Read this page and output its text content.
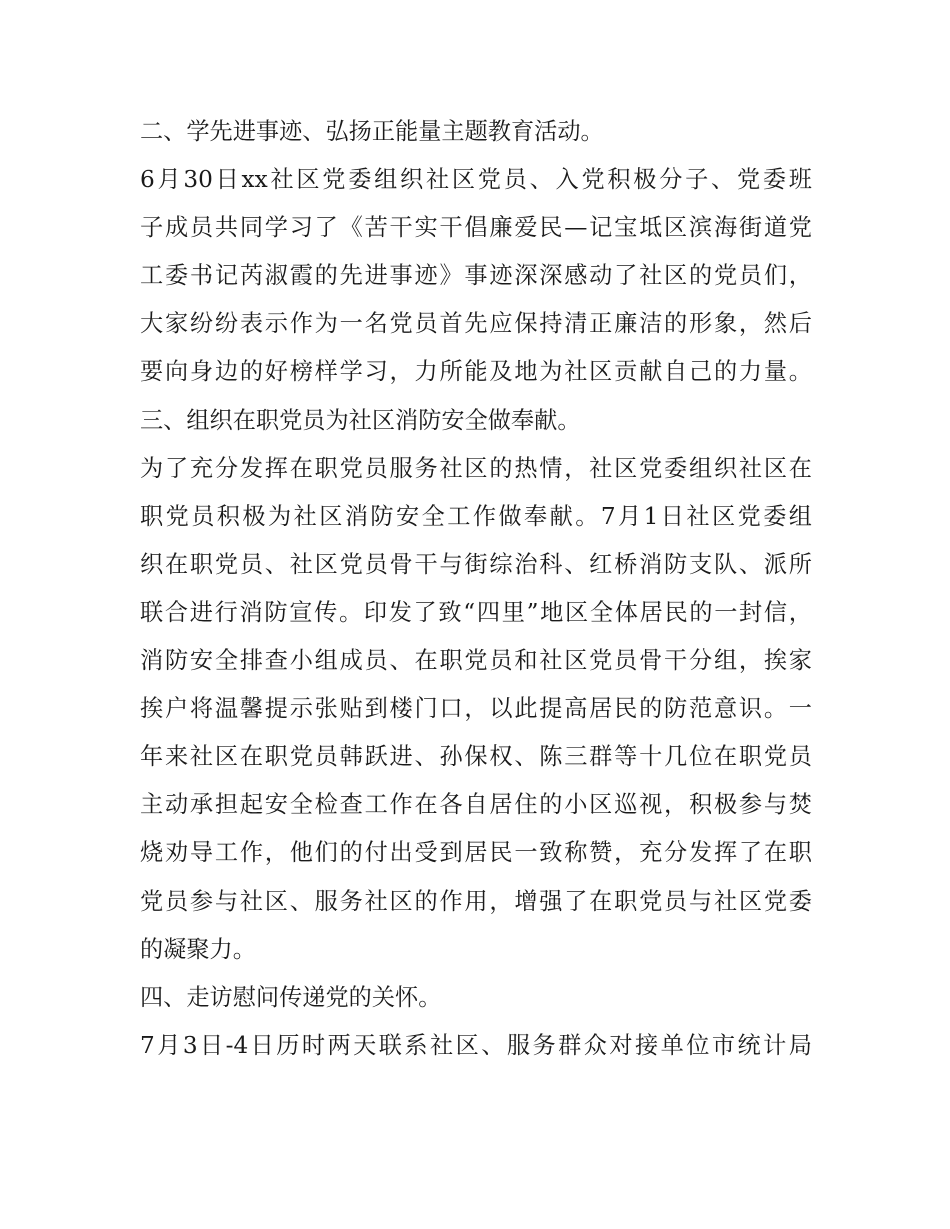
二、学先进事迹、弘扬正能量主题教育活动。
6月30日xx社区党委组织社区党员、入党积极分子、党委班
子成员共同学习了《苦干实干倡廉爱民—记宝坻区滨海街道党
工委书记芮淑霞的先进事迹》事迹深深感动了社区的党员们，
大家纷纷表示作为一名党员首先应保持清正廉洁的形象，然后
要向身边的好榜样学习，力所能及地为社区贡献自己的力量。
三、组织在职党员为社区消防安全做奉献。
为了充分发挥在职党员服务社区的热情，社区党委组织社区在
职党员积极为社区消防安全工作做奉献。7月1日社区党委组
织在职党员、社区党员骨干与街综治科、红桥消防支队、派所
联合进行消防宣传。印发了致“四里”地区全体居民的一封信，
消防安全排查小组成员、在职党员和社区党员骨干分组，挨家
挨户将温馨提示张贴到楼门口，以此提高居民的防范意识。一
年来社区在职党员韩跃进、孙保权、陈三群等十几位在职党员
主动承担起安全检查工作在各自居住的小区巡视，积极参与焚
烧劝导工作，他们的付出受到居民一致称赞，充分发挥了在职
党员参与社区、服务社区的作用，增强了在职党员与社区党委
的凝聚力。
四、走访慰问传递党的关怀。
7月3日-4日历时两天联系社区、服务群众对接单位市统计局
